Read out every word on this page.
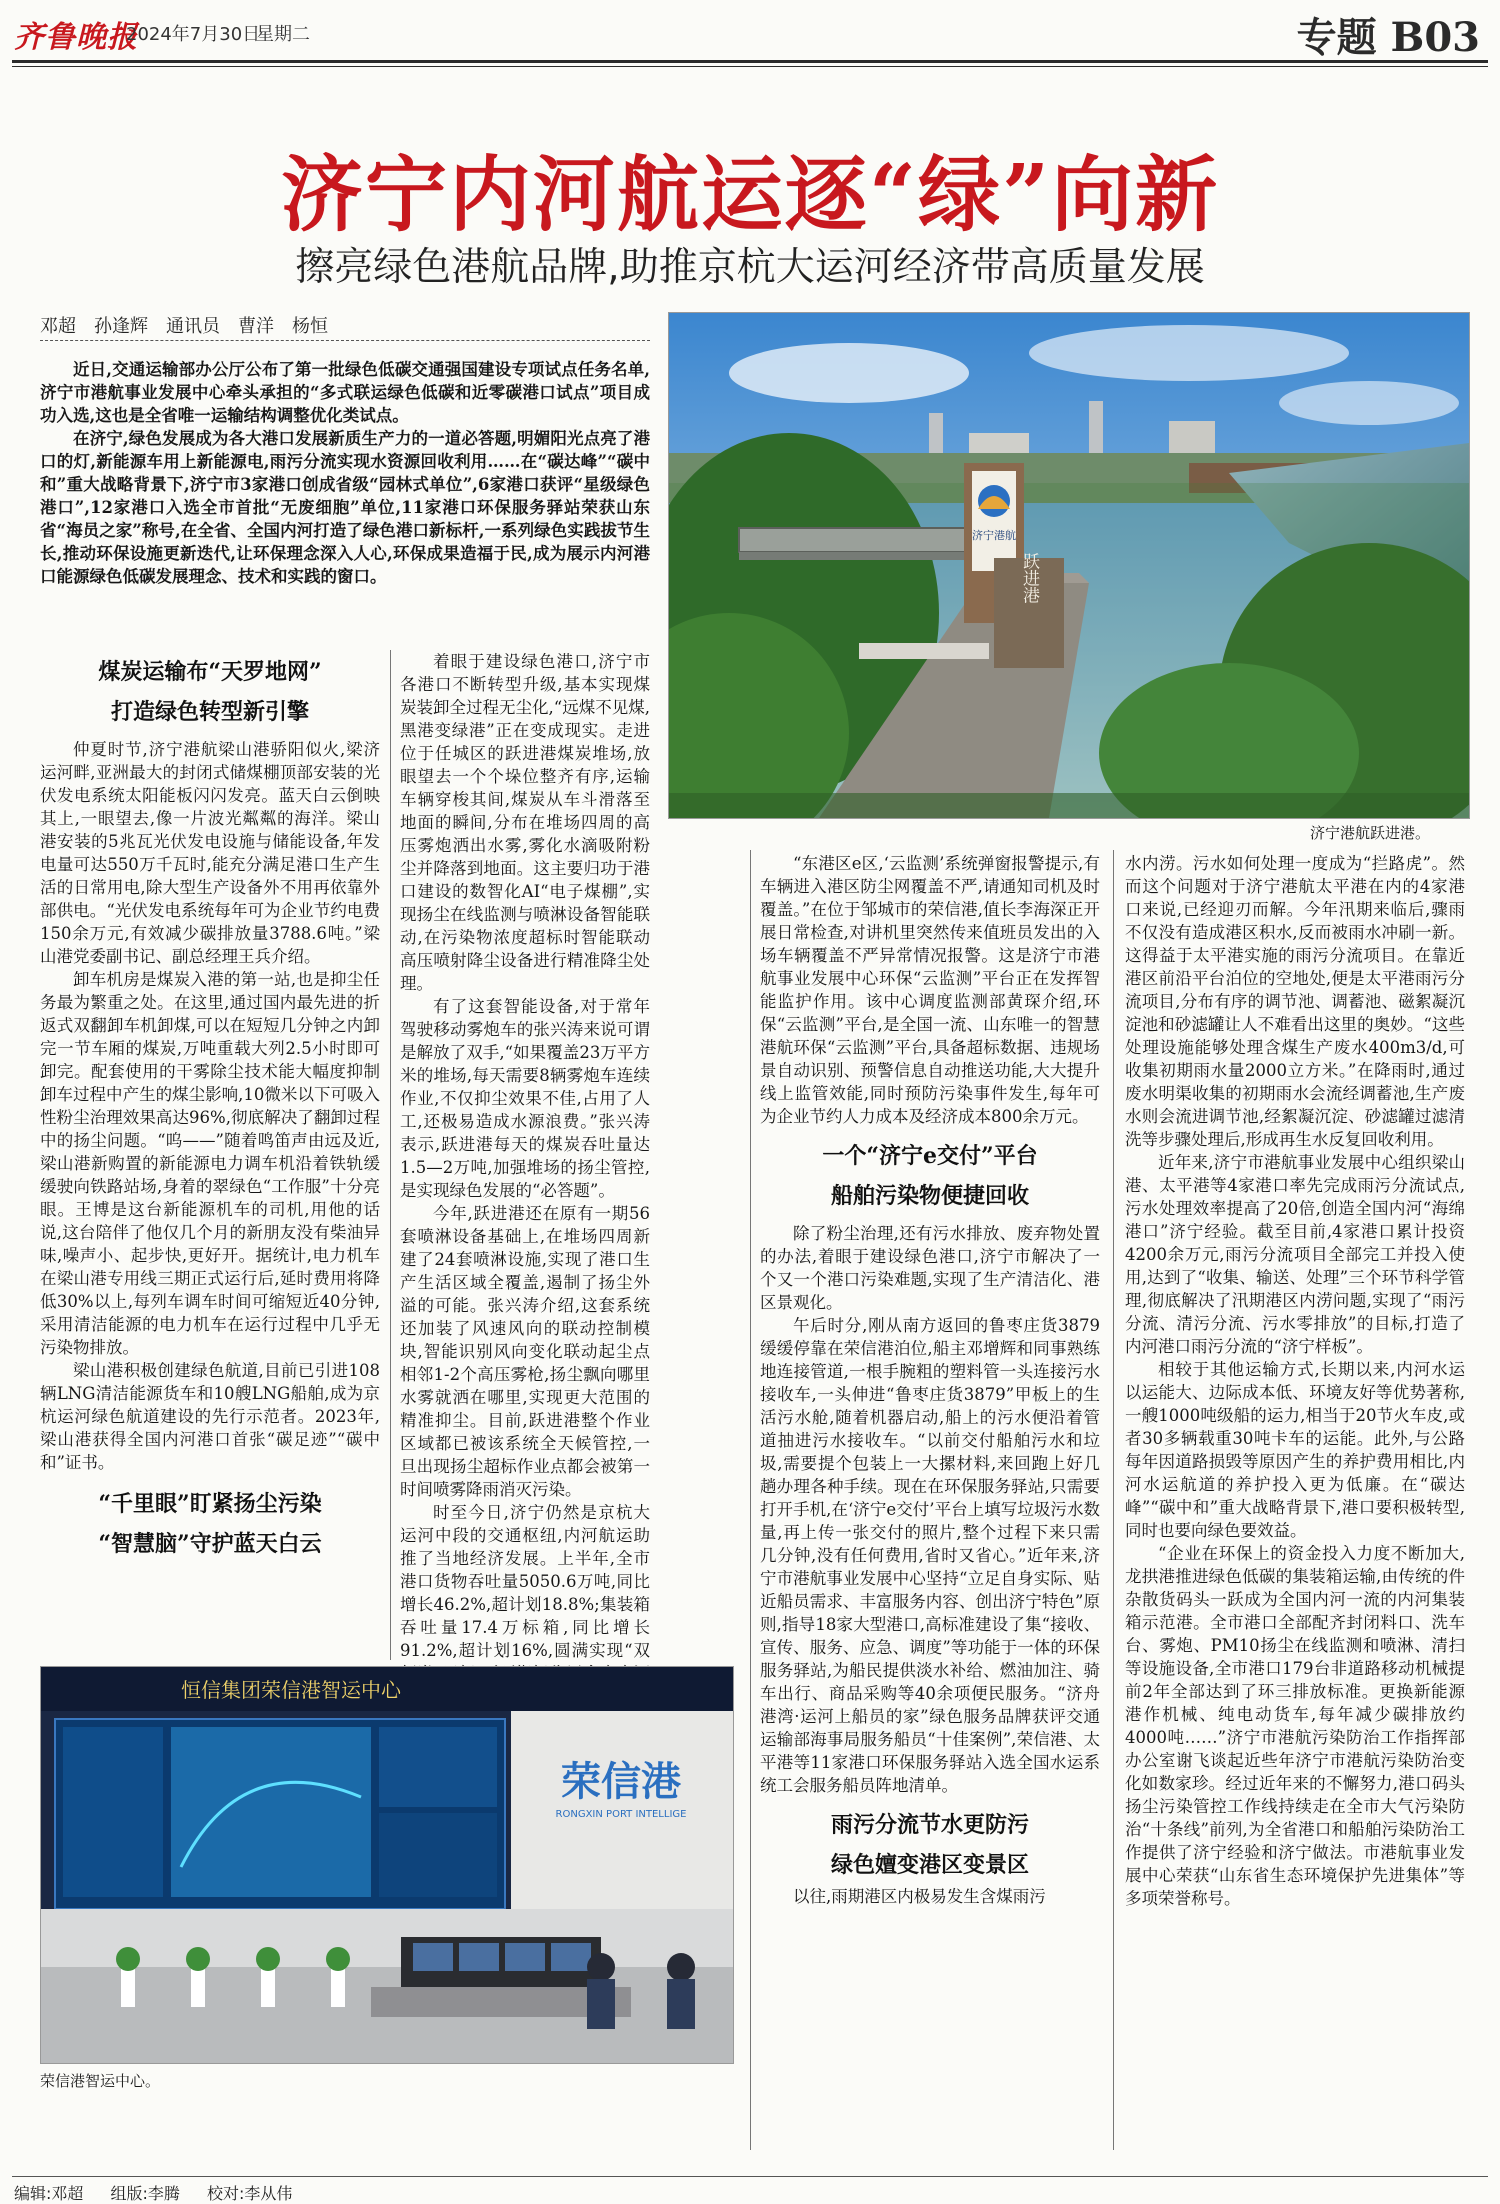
齐鲁晚报
2024年7月30日
星期二	专题 B03
济宁内河航运逐“绿”向新
擦亮绿色港航品牌,助推京杭大运河经济带高质量发展
邓超　孙逢辉　通讯员　曹洋　杨恒

近日,交通运输部办公厅公布了第一批绿色低碳交通强国建设专项试点任务名单,济宁市港航事业发展中心牵头承担的“多式联运绿色低碳和近零碳港口试点”项目成功入选,这也是全省唯一运输结构调整优化类试点。

在济宁,绿色发展成为各大港口发展新质生产力的一道必答题,明媚阳光点亮了港口的灯,新能源车用上新能源电,雨污分流实现水资源回收利用……在“碳达峰”“碳中和”重大战略背景下,济宁市3家港口创成省级“园林式单位”,6家港口获评“星级绿色港口”,12家港口入选全市首批“无废细胞”单位,11家港口环保服务驿站荣获山东省“海员之家”称号,在全省、全国内河打造了绿色港口新标杆,一系列绿色实践拔节生长,推动环保设施更新迭代,让环保理念深入人心,环保成果造福于民,成为展示内河港口能源绿色低碳发展理念、技术和实践的窗口。

济宁港航
跃进港
济宁港航跃进港。
煤炭运输布“天罗地网”
打造绿色转型新引擎

仲夏时节,济宁港航梁山港骄阳似火,梁济运河畔,亚洲最大的封闭式储煤棚顶部安装的光伏发电系统太阳能板闪闪发亮。蓝天白云倒映其上,一眼望去,像一片波光粼粼的海洋。梁山港安装的5兆瓦光伏发电设施与储能设备,年发电量可达550万千瓦时,能充分满足港口生产生活的日常用电,除大型生产设备外不用再依靠外部供电。“光伏发电系统每年可为企业节约电费150余万元,有效减少碳排放量3788.6吨。”梁山港党委副书记、副总经理王兵介绍。

卸车机房是煤炭入港的第一站,也是抑尘任务最为繁重之处。在这里,通过国内最先进的折返式双翻卸车机卸煤,可以在短短几分钟之内卸完一节车厢的煤炭,万吨重载大列2.5小时即可卸完。配套使用的干雾除尘技术能大幅度抑制卸车过程中产生的煤尘影响,10微米以下可吸入性粉尘治理效果高达96%,彻底解决了翻卸过程中的扬尘问题。“呜——”随着鸣笛声由远及近,梁山港新购置的新能源电力调车机沿着铁轨缓缓驶向铁路站场,身着的翠绿色“工作服”十分亮眼。王博是这台新能源机车的司机,用他的话说,这台陪伴了他仅几个月的新朋友没有柴油异味,噪声小、起步快,更好开。据统计,电力机车在梁山港专用线三期正式运行后,延时费用将降低30%以上,每列车调车时间可缩短近40分钟,采用清洁能源的电力机车在运行过程中几乎无污染物排放。

梁山港积极创建绿色航道,目前已引进108辆LNG清洁能源货车和10艘LNG船舶,成为京杭运河绿色航道建设的先行示范者。2023年,梁山港获得全国内河港口首张“碳足迹”“碳中和”证书。

“千里眼”盯紧扬尘污染
“智慧脑”守护蓝天白云

着眼于建设绿色港口,济宁市各港口不断转型升级,基本实现煤炭装卸全过程无尘化,“远煤不见煤,黑港变绿港”正在变成现实。走进位于任城区的跃进港煤炭堆场,放眼望去一个个垛位整齐有序,运输车辆穿梭其间,煤炭从车斗滑落至地面的瞬间,分布在堆场四周的高压雾炮洒出水雾,雾化水滴吸附粉尘并降落到地面。这主要归功于港口建设的数智化AI“电子煤棚”,实现扬尘在线监测与喷淋设备智能联动,在污染物浓度超标时智能联动高压喷射降尘设备进行精准降尘处理。

有了这套智能设备,对于常年驾驶移动雾炮车的张兴涛来说可谓是解放了双手,“如果覆盖23万平方米的堆场,每天需要8辆雾炮车连续作业,不仅抑尘效果不佳,占用了人工,还极易造成水源浪费。”张兴涛表示,跃进港每天的煤炭吞吐量达1.5—2万吨,加强堆场的扬尘管控,是实现绿色发展的“必答题”。

今年,跃进港还在原有一期56套喷淋设备基础上,在堆场四周新建了24套喷淋设施,实现了港口生产生活区域全覆盖,遏制了扬尘外溢的可能。张兴涛介绍,这套系统还加装了风速风向的联动控制模块,智能识别风向变化联动起尘点相邻1-2个高压雾枪,扬尘飘向哪里水雾就洒在哪里,实现更大范围的精准抑尘。目前,跃进港整个作业区域都已被该系统全天候管控,一旦出现扬尘超标作业点都会被第一时间喷雾降雨消灭污染。

时至今日,济宁仍然是京杭大运河中段的交通枢纽,内河航运助推了当地经济发展。上半年,全市港口货物吞吐量5050.6万吨,同比增长46.2%,超计划18.8%;集装箱吞吐量17.4万标箱,同比增长91.2%,超计划16%,圆满实现“双

“东港区e区,‘云监测’系统弹窗报警提示,有车辆进入港区防尘网覆盖不严,请通知司机及时覆盖。”在位于邹城市的荣信港,值长李海深正开展日常检查,对讲机里突然传来值班员发出的入场车辆覆盖不严异常情况报警。这是济宁市港航事业发展中心环保“云监测”平台正在发挥智能监护作用。该中心调度监测部黄琛介绍,环保“云监测”平台,是全国一流、山东唯一的智慧港航环保“云监测”平台,具备超标数据、违规场景自动识别、预警信息自动推送功能,大大提升线上监管效能,同时预防污染事件发生,每年可为企业节约人力成本及经济成本800余万元。

一个“济宁e交付”平台
船舶污染物便捷回收

除了粉尘治理,还有污水排放、废弃物处置的办法,着眼于建设绿色港口,济宁市解决了一个又一个港口污染难题,实现了生产清洁化、港区景观化。

午后时分,刚从南方返回的鲁枣庄货3879缓缓停靠在荣信港泊位,船主邓增辉和同事熟练地连接管道,一根手腕粗的塑料管一头连接污水接收车,一头伸进“鲁枣庄货3879”甲板上的生活污水舱,随着机器启动,船上的污水便沿着管道抽进污水接收车。“以前交付船舶污水和垃圾,需要提个包装上一大摞材料,来回跑上好几趟办理各种手续。现在在环保服务驿站,只需要打开手机,在‘济宁e交付’平台上填写垃圾污水数量,再上传一张交付的照片,整个过程下来只需几分钟,没有任何费用,省时又省心。”近年来,济宁市港航事业发展中心坚持“立足自身实际、贴近船员需求、丰富服务内容、创出济宁特色”原则,指导18家大型港口,高标准建设了集“接收、宣传、服务、应急、调度”等功能于一体的环保服务驿站,为船民提供淡水补给、燃油加注、骑车出行、商品采购等40余项便民服务。“济舟港湾·运河上船员的家”绿色服务品牌获评交通运输部海事局服务船员“十佳案例”,荣信港、太平港等11家港口环保服务驿站入选全国水运系统工会服务船员阵地清单。

雨污分流节水更防污
绿色嬗变港区变景区

以往,雨期港区内极易发生含煤雨污

水内涝。污水如何处理一度成为“拦路虎”。然而这个问题对于济宁港航太平港在内的4家港口来说,已经迎刃而解。今年汛期来临后,骤雨不仅没有造成港区积水,反而被雨水冲刷一新。这得益于太平港实施的雨污分流项目。在靠近港区前沿平台泊位的空地处,便是太平港雨污分流项目,分布有序的调节池、调蓄池、磁絮凝沉淀池和砂滤罐让人不难看出这里的奥妙。“这些处理设施能够处理含煤生产废水400m3/d,可收集初期雨水量2000立方米。”在降雨时,通过废水明渠收集的初期雨水会流经调蓄池,生产废水则会流进调节池,经絮凝沉淀、砂滤罐过滤清洗等步骤处理后,形成再生水反复回收利用。

近年来,济宁市港航事业发展中心组织梁山港、太平港等4家港口率先完成雨污分流试点,污水处理效率提高了20倍,创造全国内河“海绵港口”济宁经验。截至目前,4家港口累计投资4200余万元,雨污分流项目全部完工并投入使用,达到了“收集、输送、处理”三个环节科学管理,彻底解决了汛期港区内涝问题,实现了“雨污分流、清污分流、污水零排放”的目标,打造了内河港口雨污分流的“济宁样板”。

相较于其他运输方式,长期以来,内河水运以运能大、边际成本低、环境友好等优势著称,一艘1000吨级船的运力,相当于20节火车皮,或者30多辆载重30吨卡车的运能。此外,与公路每年因道路损毁等原因产生的养护费用相比,内河水运航道的养护投入更为低廉。在“碳达峰”“碳中和”重大战略背景下,港口要积极转型,同时也要向绿色要效益。

“企业在环保上的资金投入力度不断加大,龙拱港推进绿色低碳的集装箱运输,由传统的件杂散货码头一跃成为全国内河一流的内河集装箱示范港。全市港口全部配齐封闭料口、洗车台、雾炮、PM10扬尘在线监测和喷淋、清扫等设施设备,全市港口179台非道路移动机械提前2年全部达到了环三排放标准。更换新能源港作机械、纯电动货车,每年减少碳排放约4000吨……”济宁市港航污染防治工作指挥部办公室谢飞谈起近些年济宁市港航污染防治变化如数家珍。经过近年来的不懈努力,港口码头扬尘污染管控工作线持续走在全市大气污染防治“十条线”前列,为全省港口和船舶污染防治工作提供了济宁经验和济宁做法。市港航事业发展中心荣获“山东省生态环境保护先进集体”等多项荣誉称号。

恒信集团荣信港智运中心
荣信港
RONGXIN PORT INTELLIGE
荣信港智运中心。
编辑:邓超 组版:李腾 校对:李从伟
